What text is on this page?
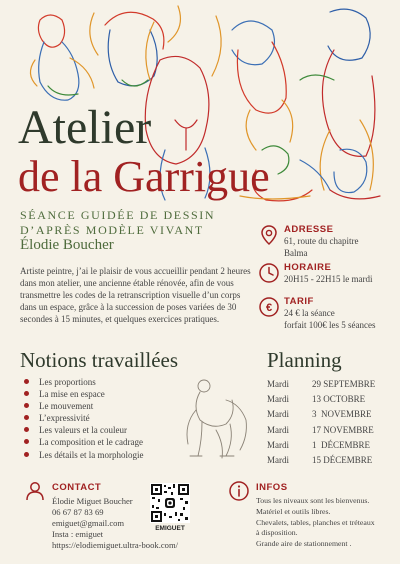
Atelier
de la Garrigue
SÉANCE GUIDÉE DE DESSIN
D’APRÈS MODÈLE VIVANT
Élodie Boucher

Artiste peintre, j’ai le plaisir de vous accueillir pendant 2 heures dans mon atelier, une ancienne étable rénovée, afin de vous transmettre les codes de la retranscription visuelle d’un corps dans un espace, grâce à la succession de poses variées de 30 secondes à 15 minutes, et quelques exercices pratiques.

ADRESSE
61, route du chapitre
Balma
HORAIRE
20H15 - 22H15 le mardi
€
TARIF
24 € la séance
forfait 100€ les 5 séances
Notions travaillées
Les proportions
La mise en espace
Le mouvement
L’expressivité
Les valeurs et la couleur
La composition et le cadrage
Les détails et la morphologie
Planning
Mardi	29 SEPTEMBRE
Mardi	13 OCTOBRE
Mardi	3  NOVEMBRE
Mardi	17 NOVEMBRE
Mardi	1  DÉCEMBRE
Mardi	15 DÉCEMBRE
CONTACT
Élodie Miguet Boucher
06 67 87 83 69
emiguet@gmail.com
Insta : emiguet
https://elodiemiguet.ultra-book.com/
EMIGUET
INFOS
Tous les niveaux sont les bienvenus.
Matériel et outils libres.
Chevalets, tables, planches et tréteaux
à disposition.
Grande aire de stationnement .
